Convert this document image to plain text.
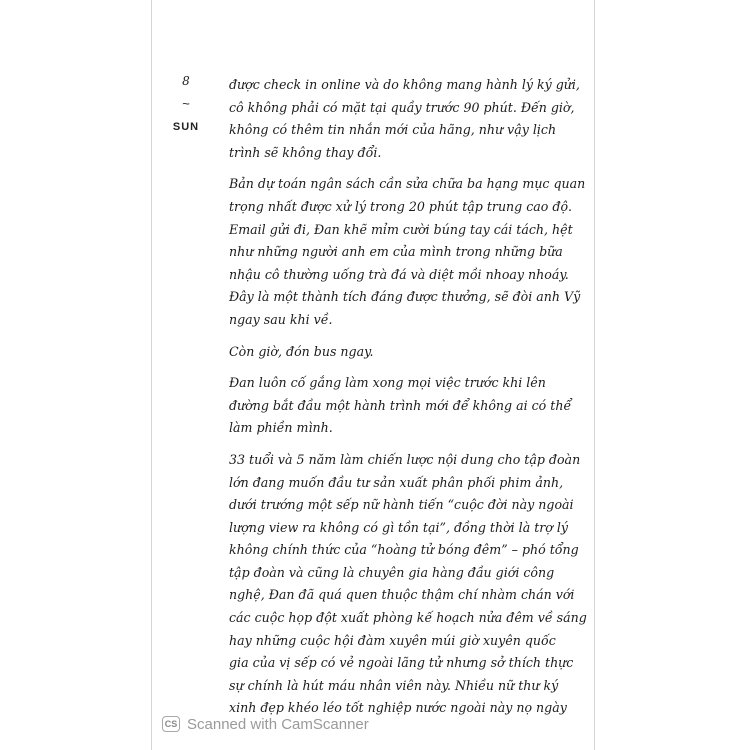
8
~
SUN

được check in online và do không mang hành lý ký gửi,
cô không phải có mặt tại quầy trước 90 phút. Đến giờ,
không có thêm tin nhắn mới của hãng, như vậy lịch
trình sẽ không thay đổi.

Bản dự toán ngân sách cần sửa chữa ba hạng mục quan
trọng nhất được xử lý trong 20 phút tập trung cao độ.
Email gửi đi, Đan khẽ mỉm cười búng tay cái tách, hệt
như những người anh em của mình trong những bữa
nhậu cô thường uống trà đá và diệt mồi nhoay nhoáy.
Đây là một thành tích đáng được thưởng, sẽ đòi anh Vỹ
ngay sau khi về.

Còn giờ, đón bus ngay.

Đan luôn cố gắng làm xong mọi việc trước khi lên
đường bắt đầu một hành trình mới để không ai có thể
làm phiền mình.

33 tuổi và 5 năm làm chiến lược nội dung cho tập đoàn
lớn đang muốn đầu tư sản xuất phân phối phim ảnh,
dưới trướng một sếp nữ hành tiến “cuộc đời này ngoài
lượng view ra không có gì tồn tại”, đồng thời là trợ lý
không chính thức của “hoàng tử bóng đêm” – phó tổng
tập đoàn và cũng là chuyên gia hàng đầu giới công
nghệ, Đan đã quá quen thuộc thậm chí nhàm chán với
các cuộc họp đột xuất phòng kế hoạch nửa đêm về sáng
hay những cuộc hội đàm xuyên múi giờ xuyên quốc
gia của vị sếp có vẻ ngoài lãng tử nhưng sở thích thực
sự chính là hút máu nhân viên này. Nhiều nữ thư ký
xinh đẹp khéo léo tốt nghiệp nước ngoài này nọ ngày

CS Scanned with CamScanner
